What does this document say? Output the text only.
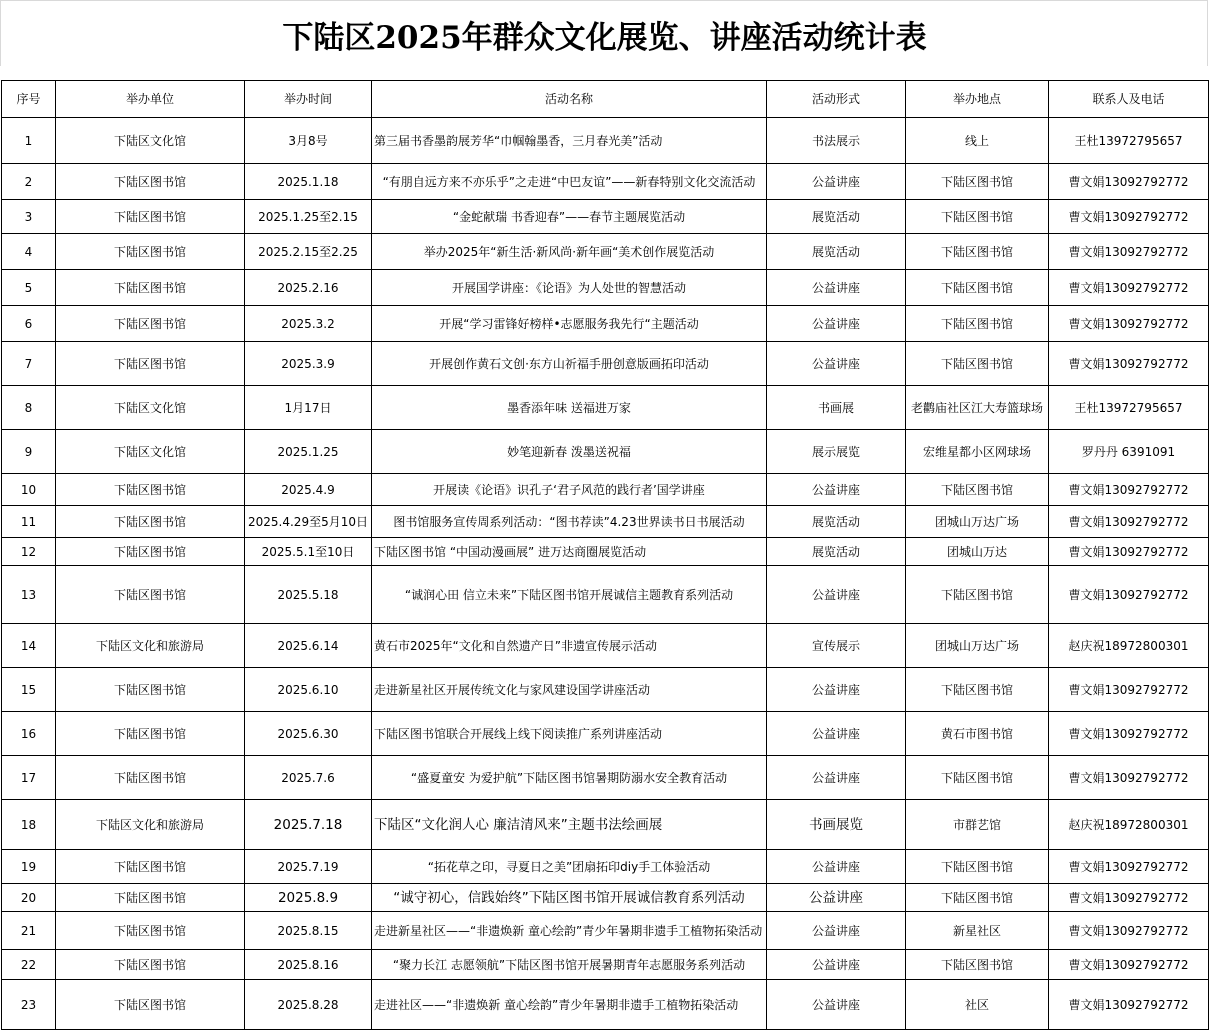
下陆区2025年群众文化展览、讲座活动统计表
序号	举办单位	举办时间	活动名称	活动形式	举办地点	联系人及电话
1	下陆区文化馆	3月8号	第三届书香墨韵展芳华“巾帼翰墨香，三月春光美”活动	书法展示	线上	王杜13972795657
2	下陆区图书馆	2025.1.18	“有朋自远方来不亦乐乎”之走进“中巴友谊”——新春特别文化交流活动	公益讲座	下陆区图书馆	曹文娟13092792772
3	下陆区图书馆	2025.1.25至2.15	“金蛇献瑞 书香迎春”——春节主题展览活动	展览活动	下陆区图书馆	曹文娟13092792772
4	下陆区图书馆	2025.2.15至2.25	举办2025年“新生活·新风尚·新年画“美术创作展览活动	展览活动	下陆区图书馆	曹文娟13092792772
5	下陆区图书馆	2025.2.16	开展国学讲座：《论语》为人处世的智慧活动	公益讲座	下陆区图书馆	曹文娟13092792772
6	下陆区图书馆	2025.3.2	开展“学习雷锋好榜样•志愿服务我先行“主题活动	公益讲座	下陆区图书馆	曹文娟13092792772
7	下陆区图书馆	2025.3.9	开展创作黄石文创·东方山祈福手册创意版画拓印活动	公益讲座	下陆区图书馆	曹文娟13092792772
8	下陆区文化馆	1月17日	墨香添年味 送福进万家	书画展	老鹳庙社区江大寿篮球场	王杜13972795657
9	下陆区文化馆	2025.1.25	妙笔迎新春 泼墨送祝福	展示展览	宏维星都小区网球场	罗丹丹 6391091
10	下陆区图书馆	2025.4.9	开展读《论语》识孔子‘君子风范的践行者’国学讲座	公益讲座	下陆区图书馆	曹文娟13092792772
11	下陆区图书馆	2025.4.29至5月10日	图书馆服务宣传周系列活动：“图书荐读”4.23世界读书日书展活动	展览活动	团城山万达广场	曹文娟13092792772
12	下陆区图书馆	2025.5.1至10日	下陆区图书馆 “中国动漫画展” 进万达商圈展览活动	展览活动	团城山万达	曹文娟13092792772
13	下陆区图书馆	2025.5.18	“诚润心田 信立未来”下陆区图书馆开展诚信主题教育系列活动	公益讲座	下陆区图书馆	曹文娟13092792772
14	下陆区文化和旅游局	2025.6.14	黄石市2025年“文化和自然遗产日”非遗宣传展示活动	宣传展示	团城山万达广场	赵庆祝18972800301
15	下陆区图书馆	2025.6.10	走进新星社区开展传统文化与家风建设国学讲座活动	公益讲座	下陆区图书馆	曹文娟13092792772
16	下陆区图书馆	2025.6.30	下陆区图书馆联合开展线上线下阅读推广系列讲座活动	公益讲座	黄石市图书馆	曹文娟13092792772
17	下陆区图书馆	2025.7.6	“盛夏童安 为爱护航”下陆区图书馆暑期防溺水安全教育活动	公益讲座	下陆区图书馆	曹文娟13092792772
18	下陆区文化和旅游局	2025.7.18	下陆区“文化润人心 廉洁清风来”主题书法绘画展	书画展览	市群艺馆	赵庆祝18972800301
19	下陆区图书馆	2025.7.19	“拓花草之印，寻夏日之美”团扇拓印diy手工体验活动	公益讲座	下陆区图书馆	曹文娟13092792772
20	下陆区图书馆	2025.8.9	“诚守初心，信践始终”下陆区图书馆开展诚信教育系列活动	公益讲座	下陆区图书馆	曹文娟13092792772
21	下陆区图书馆	2025.8.15	走进新星社区——“非遗焕新 童心绘韵”青少年暑期非遗手工植物拓染活动	公益讲座	新星社区	曹文娟13092792772
22	下陆区图书馆	2025.8.16	“聚力长江 志愿领航”下陆区图书馆开展暑期青年志愿服务系列活动	公益讲座	下陆区图书馆	曹文娟13092792772
23	下陆区图书馆	2025.8.28	走进社区——“非遗焕新 童心绘韵”青少年暑期非遗手工植物拓染活动	公益讲座	社区	曹文娟13092792772
